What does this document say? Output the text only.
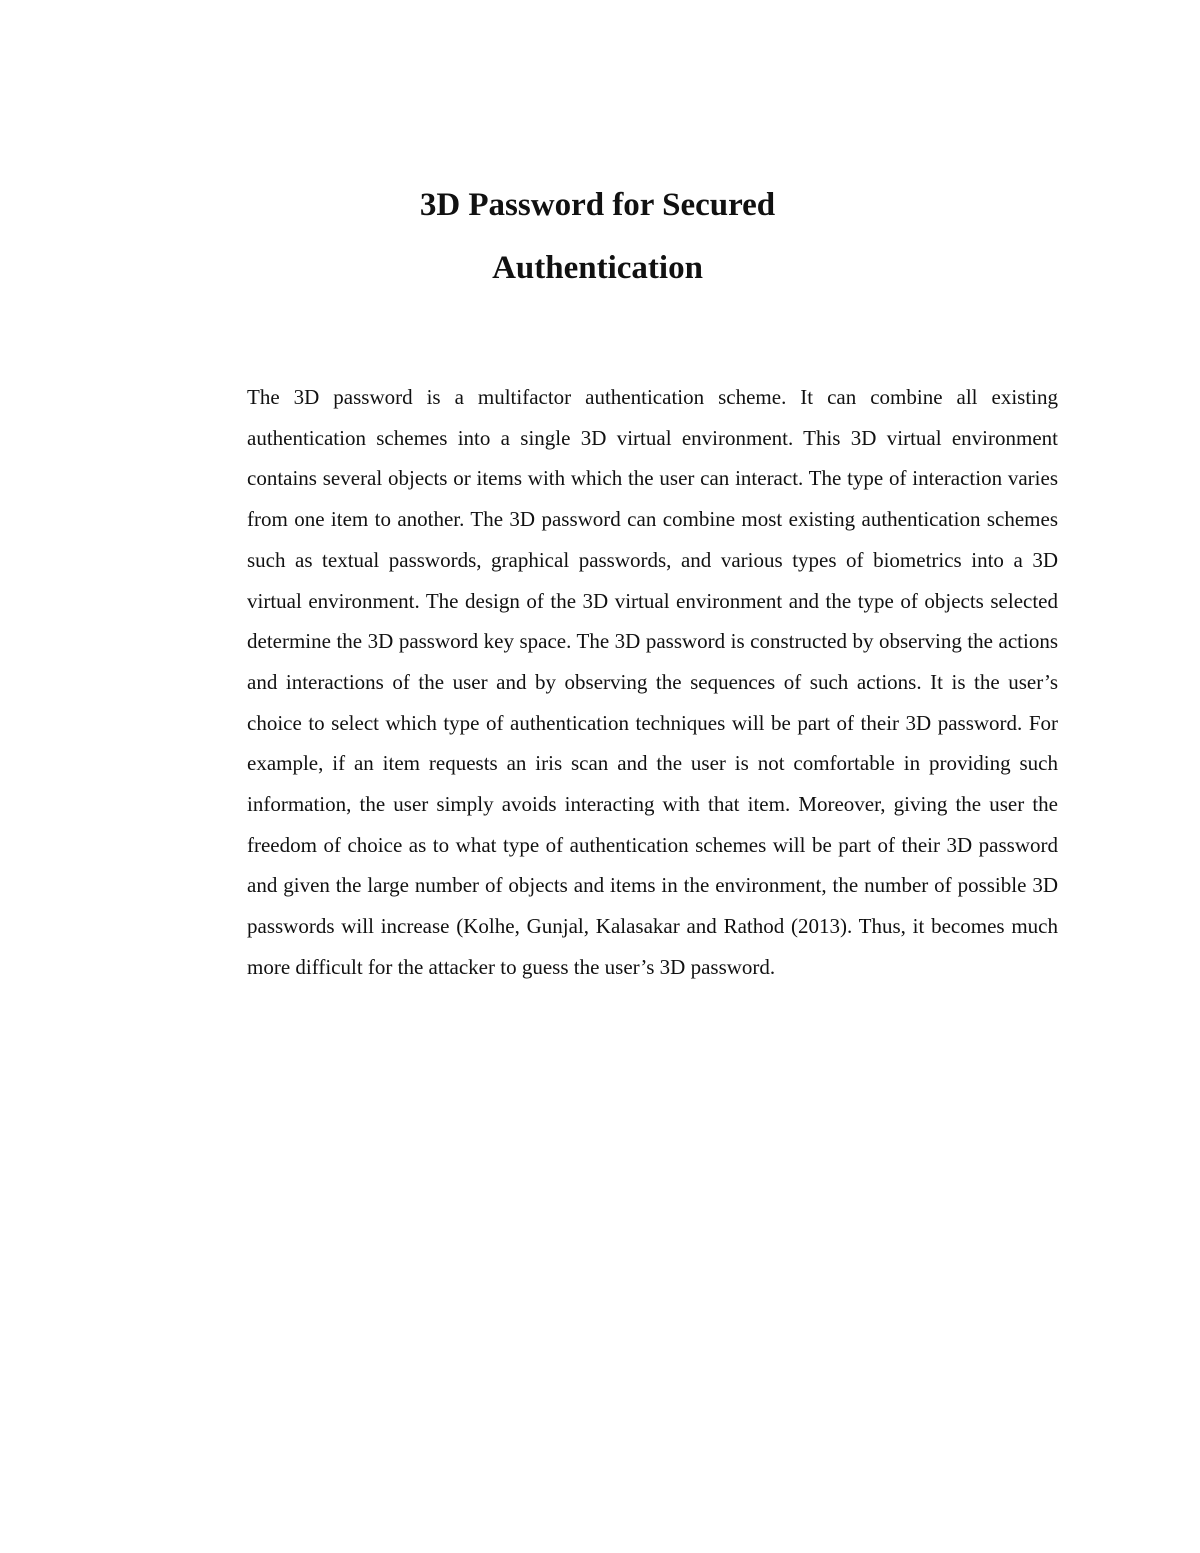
3D Password for Secured
Authentication

The 3D password is a multifactor authentication scheme. It can combine all existing authentication schemes into a single 3D virtual environment. This 3D virtual environment contains several objects or items with which the user can interact. The type of interaction varies from one item to another. The 3D password can combine most existing authentication schemes such as textual passwords, graphical passwords, and various types of biometrics into a 3D virtual environment. The design of the 3D virtual environment and the type of objects selected determine the 3D password key space. The 3D password is constructed by observing the actions and interactions of the user and by observing the sequences of such actions. It is the user’s choice to select which type of authentication techniques will be part of their 3D password. For example, if an item requests an iris scan and the user is not comfortable in providing such information, the user simply avoids interacting with that item. Moreover, giving the user the freedom of choice as to what type of authentication schemes will be part of their 3D password and given the large number of objects and items in the environment, the number of possible 3D passwords will increase (Kolhe, Gunjal, Kalasakar and Rathod (2013). Thus, it becomes much more difficult for the attacker to guess the user’s 3D password.
